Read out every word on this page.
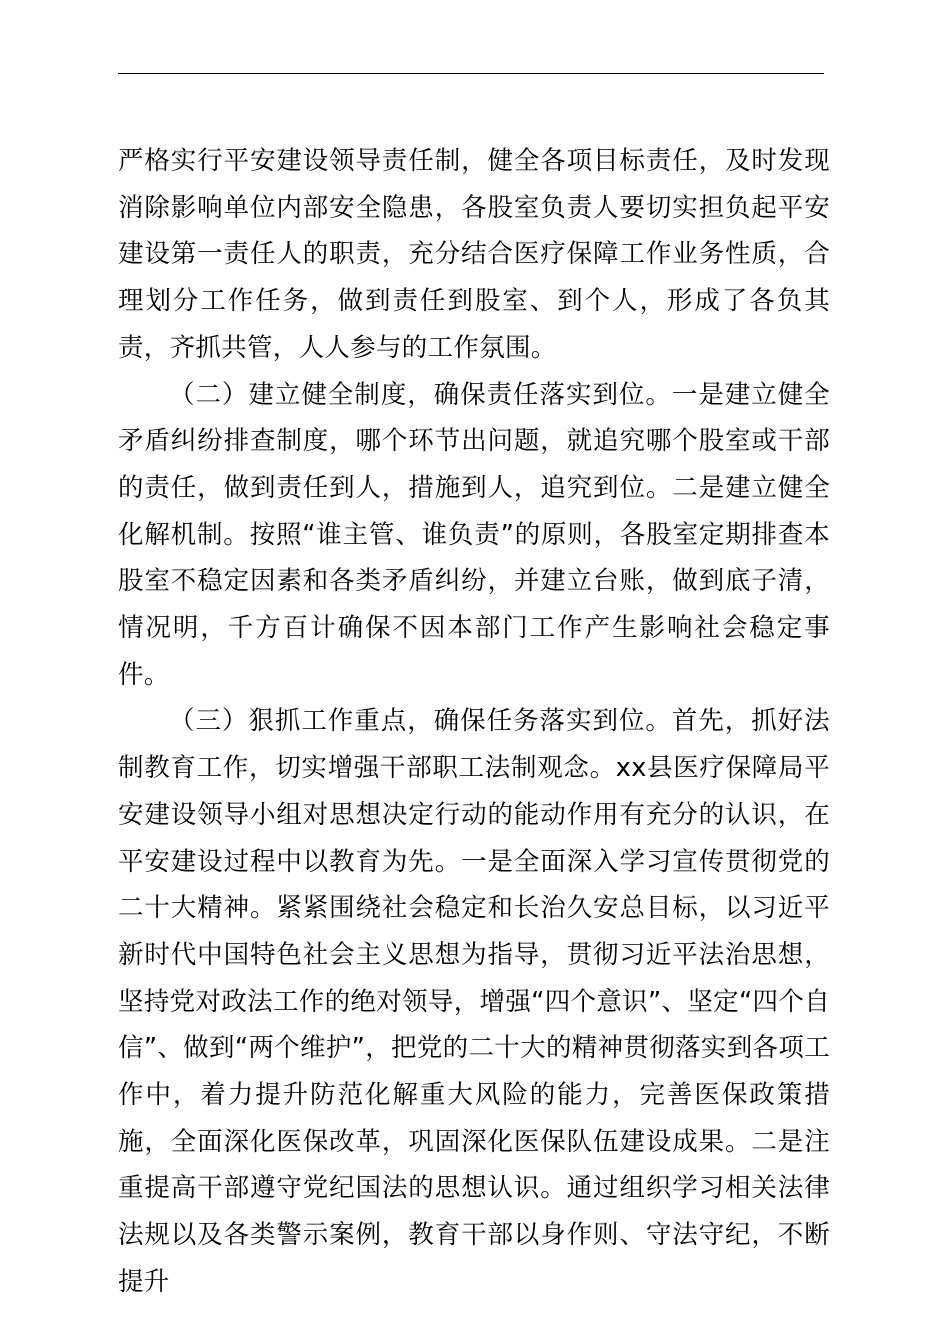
严格实行平安建设领导责任制，健全各项目标责任，及时发现消除影响单位内部安全隐患，各股室负责人要切实担负起平安建设第一责任人的职责，充分结合医疗保障工作业务性质，合理划分工作任务，做到责任到股室、到个人，形成了各负其责，齐抓共管，人人参与的工作氛围。

（二）建立健全制度，确保责任落实到位。一是建立健全矛盾纠纷排查制度，哪个环节出问题，就追究哪个股室或干部的责任，做到责任到人，措施到人，追究到位。二是建立健全化解机制。按照“谁主管、谁负责”的原则，各股室定期排查本股室不稳定因素和各类矛盾纠纷，并建立台账，做到底子清，情况明，千方百计确保不因本部门工作产生影响社会稳定事件。

（三）狠抓工作重点，确保任务落实到位。首先，抓好法制教育工作，切实增强干部职工法制观念。xx县医疗保障局平安建设领导小组对思想决定行动的能动作用有充分的认识，在平安建设过程中以教育为先。一是全面深入学习宣传贯彻党的二十大精神。紧紧围绕社会稳定和长治久安总目标，以习近平新时代中国特色社会主义思想为指导，贯彻习近平法治思想，坚持党对政法工作的绝对领导，增强“四个意识”、坚定“四个自信”、做到“两个维护”，把党的二十大的精神贯彻落实到各项工作中，着力提升防范化解重大风险的能力，完善医保政策措施，全面深化医保改革，巩固深化医保队伍建设成果。二是注重提高干部遵守党纪国法的思想认识。通过组织学习相关法律法规以及各类警示案例，教育干部以身作则、守法守纪，不断提升
